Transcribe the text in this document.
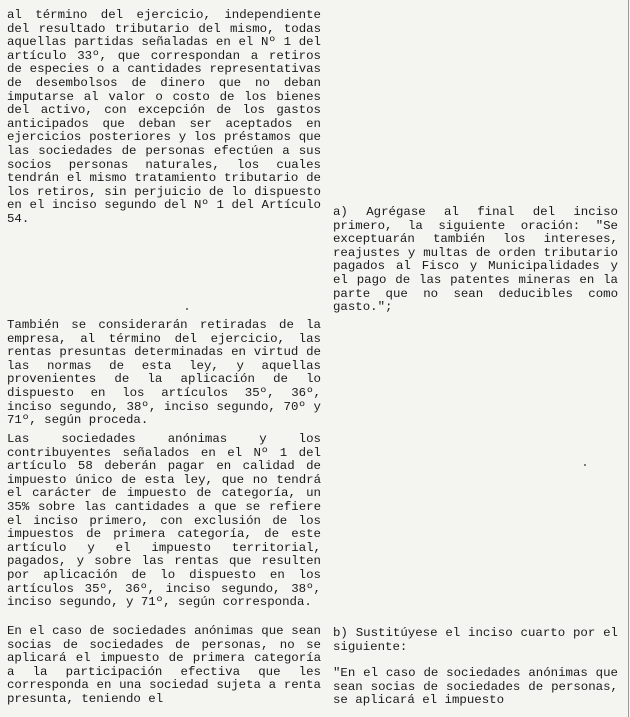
al término del ejercicio, independiente del resultado tributario del mismo, todas aquellas partidas señaladas en el Nº 1 del artículo 33º, que correspondan a retiros de especies o a cantidades representativas de desembolsos de dinero que no deban imputarse al valor o costo de los bienes del activo, con excepción de los gastos anticipados que deban ser aceptados en ejercicios posteriores y los préstamos que las sociedades de personas efectúen a sus socios personas naturales, los cuales tendrán el mismo tratamiento tributario de los retiros, sin perjuicio de lo dispuesto en el inciso segundo del Nº 1 del Artículo 54.

También se considerarán retiradas de la empresa, al término del ejercicio, las rentas presuntas determinadas en virtud de las normas de esta ley, y aquellas provenientes de la aplicación de lo dispuesto en los artículos 35º, 36º, inciso segundo, 38º, inciso segundo, 70º y 71º, según proceda.

Las sociedades anónimas y los contribuyentes señalados en el Nº 1 del artículo 58 deberán pagar en calidad de impuesto único de esta ley, que no tendrá el carácter de impuesto de categoría, un 35% sobre las cantidades a que se refiere el inciso primero, con exclusión de los impuestos de primera categoría, de este artículo y el impuesto territorial, pagados, y sobre las rentas que resulten por aplicación de lo dispuesto en los artículos 35º, 36º, inciso segundo, 38º, inciso segundo, y 71º, según corresponda.

En el caso de sociedades anónimas que sean socias de sociedades de personas, no se aplicará el impuesto de primera categoría a la participación efectiva que les corresponda en una sociedad sujeta a renta presunta, teniendo el

a) Agrégase al final del inciso primero, la siguiente oración: "Se exceptuarán también los intereses, reajustes y multas de orden tributario pagados al Fisco y Municipalidades y el pago de las patentes mineras en la parte que no sean deducibles como gasto.";

b) Sustitúyese el inciso cuarto por el siguiente:

"En el caso de sociedades anónimas que sean socias de sociedades de personas, se aplicará el impuesto
